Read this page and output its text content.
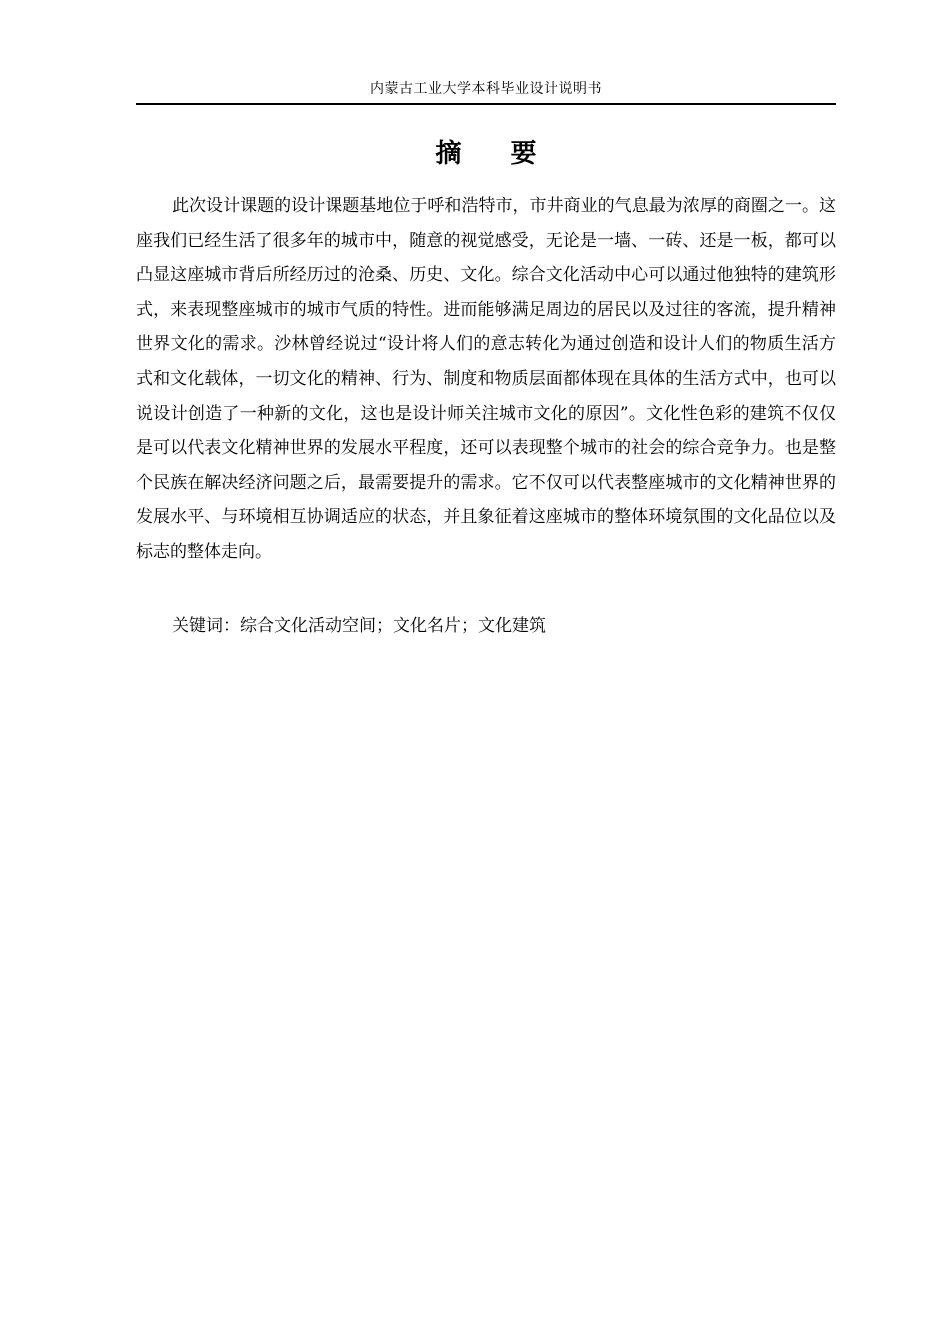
内蒙古工业大学本科毕业设计说明书
摘 要

此次设计课题的设计课题基地位于呼和浩特市，市井商业的气息最为浓厚的商圈之一。这座我们已经生活了很多年的城市中，随意的视觉感受，无论是一墙、一砖、还是一板，都可以凸显这座城市背后所经历过的沧桑、历史、文化。综合文化活动中心可以通过他独特的建筑形式，来表现整座城市的城市气质的特性。进而能够满足周边的居民以及过往的客流，提升精神世界文化的需求。沙林曾经说过“设计将人们的意志转化为通过创造和设计人们的物质生活方式和文化载体，一切文化的精神、行为、制度和物质层面都体现在具体的生活方式中，也可以说设计创造了一种新的文化，这也是设计师关注城市文化的原因”。文化性色彩的建筑不仅仅是可以代表文化精神世界的发展水平程度，还可以表现整个城市的社会的综合竞争力。也是整个民族在解决经济问题之后，最需要提升的需求。它不仅可以代表整座城市的文化精神世界的发展水平、与环境相互协调适应的状态，并且象征着这座城市的整体环境氛围的文化品位以及标志的整体走向。

关键词：综合文化活动空间；文化名片；文化建筑
